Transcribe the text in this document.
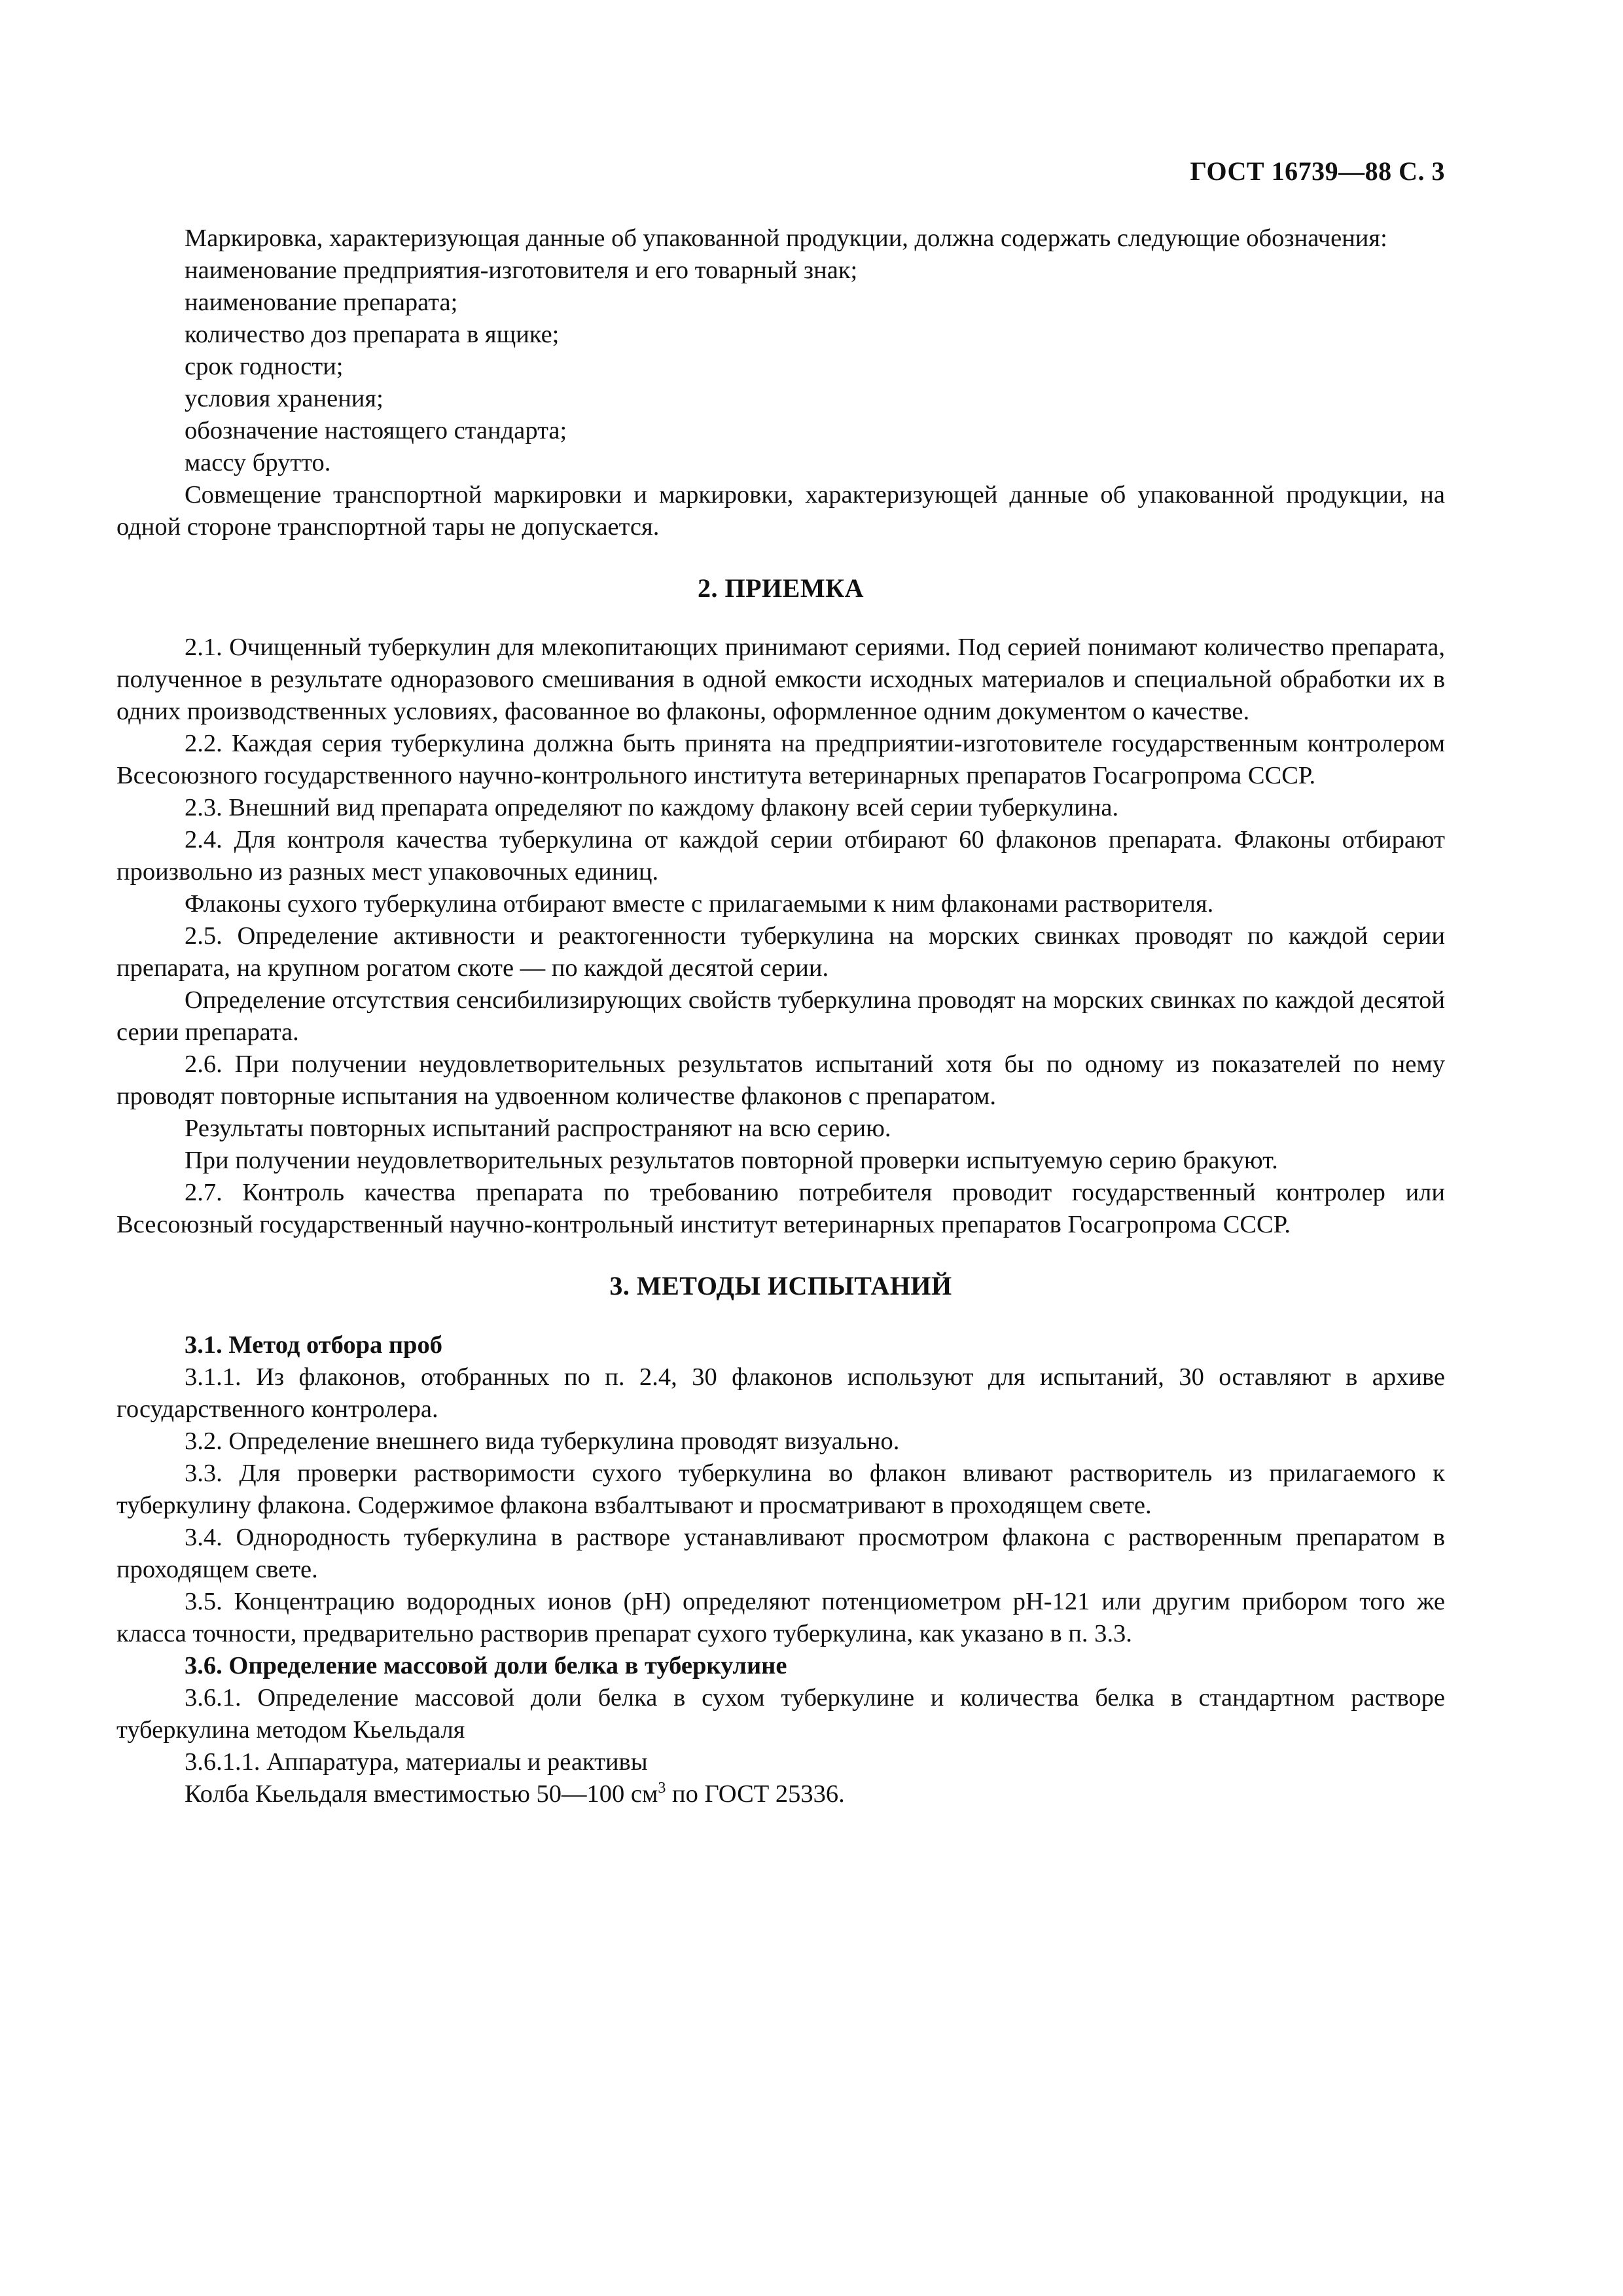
ГОСТ 16739—88 С. 3

Маркировка, характеризующая данные об упакованной продукции, должна содержать следующие обозначения:

наименование предприятия-изготовителя и его товарный знак;
наименование препарата;
количество доз препарата в ящике;
срок годности;
условия хранения;
обозначение настоящего стандарта;
массу брутто.

Совмещение транспортной маркировки и маркировки, характеризующей данные об упакованной продукции, на одной стороне транспортной тары не допускается.

2. ПРИЕМКА

2.1. Очищенный туберкулин для млекопитающих принимают сериями. Под серией понимают количество препарата, полученное в результате одноразового смешивания в одной емкости исходных материалов и специальной обработки их в одних производственных условиях, фасованное во флаконы, оформленное одним документом о качестве.

2.2. Каждая серия туберкулина должна быть принята на предприятии-изготовителе государственным контролером Всесоюзного государственного научно-контрольного института ветеринарных препаратов Госагропрома СССР.

2.3. Внешний вид препарата определяют по каждому флакону всей серии туберкулина.

2.4. Для контроля качества туберкулина от каждой серии отбирают 60 флаконов препарата. Флаконы отбирают произвольно из разных мест упаковочных единиц.

Флаконы сухого туберкулина отбирают вместе с прилагаемыми к ним флаконами растворителя.

2.5. Определение активности и реактогенности туберкулина на морских свинках проводят по каждой серии препарата, на крупном рогатом скоте — по каждой десятой серии.

Определение отсутствия сенсибилизирующих свойств туберкулина проводят на морских свинках по каждой десятой серии препарата.

2.6. При получении неудовлетворительных результатов испытаний хотя бы по одному из показателей по нему проводят повторные испытания на удвоенном количестве флаконов с препаратом.

Результаты повторных испытаний распространяют на всю серию.

При получении неудовлетворительных результатов повторной проверки испытуемую серию бракуют.

2.7. Контроль качества препарата по требованию потребителя проводит государственный контролер или Всесоюзный государственный научно-контрольный институт ветеринарных препаратов Госагропрома СССР.

3. МЕТОДЫ ИСПЫТАНИЙ
3.1. Метод отбора проб

3.1.1. Из флаконов, отобранных по п. 2.4, 30 флаконов используют для испытаний, 30 оставляют в архиве государственного контролера.

3.2. Определение внешнего вида туберкулина проводят визуально.

3.3. Для проверки растворимости сухого туберкулина во флакон вливают растворитель из прилагаемого к туберкулину флакона. Содержимое флакона взбалтывают и просматривают в проходящем свете.

3.4. Однородность туберкулина в растворе устанавливают просмотром флакона с растворенным препаратом в проходящем свете.

3.5. Концентрацию водородных ионов (pH) определяют потенциометром pH-121 или другим прибором того же класса точности, предварительно растворив препарат сухого туберкулина, как указано в п. 3.3.

3.6. Определение массовой доли белка в туберкулине

3.6.1. Определение массовой доли белка в сухом туберкулине и количества белка в стандартном растворе туберкулина методом Кьельдаля

3.6.1.1. Аппаратура, материалы и реактивы

Колба Кьельдаля вместимостью 50—100 $см^3$ по ГОСТ 25336.
